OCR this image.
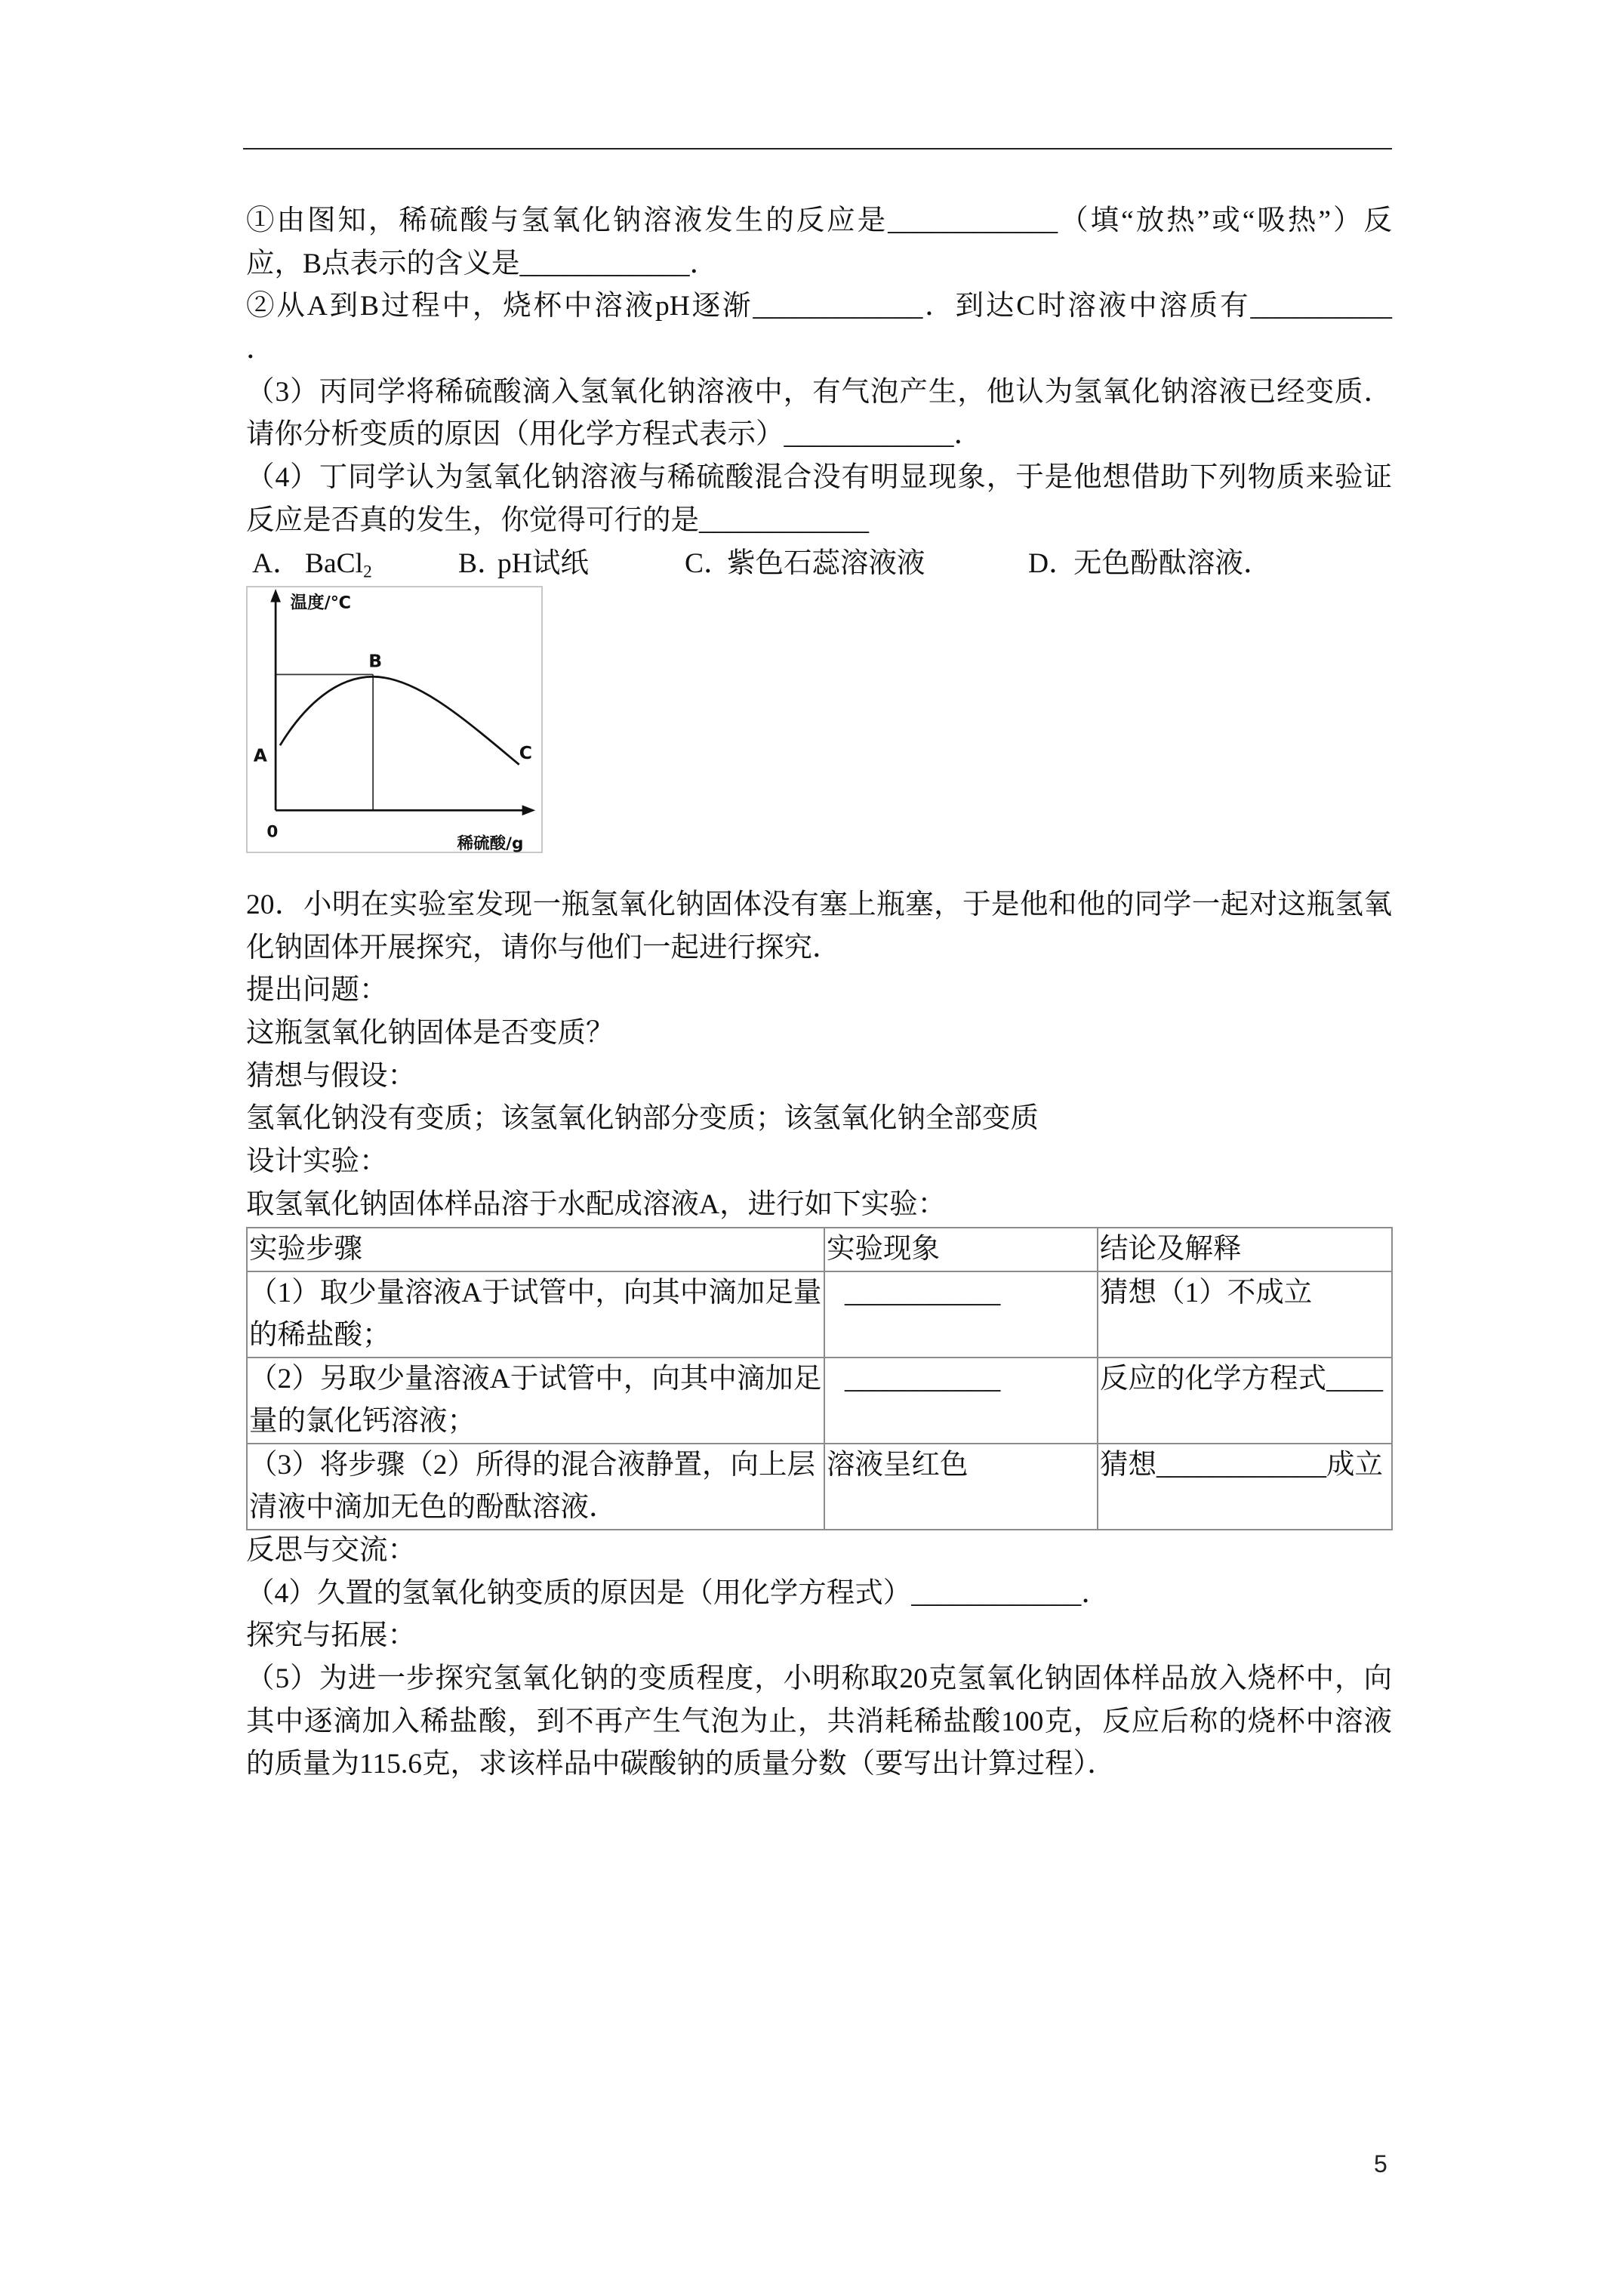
①由图知，稀硫酸与氢氧化钠溶液发生的反应是____________（填“放热”或“吸热”）反
应，B点表示的含义是____________．
②从A到B过程中，烧杯中溶液pH逐渐____________．到达C时溶液中溶质有__________
．
（3）丙同学将稀硫酸滴入氢氧化钠溶液中，有气泡产生，他认为氢氧化钠溶液已经变质．
请你分析变质的原因（用化学方程式表示）____________．
（4）丁同学认为氢氧化钠溶液与稀硫酸混合没有明显现象，于是他想借助下列物质来验证
反应是否真的发生，你觉得可行的是____________
A． BaCl$_2$	B．pH试纸	C．紫色石蕊溶液液	D．无色酚酞溶液．
温度/℃
稀硫酸/g
0
A
B
C
20．小明在实验室发现一瓶氢氧化钠固体没有塞上瓶塞，于是他和他的同学一起对这瓶氢氧
化钠固体开展探究，请你与他们一起进行探究．
提出问题：
这瓶氢氧化钠固体是否变质？
猜想与假设：
氢氧化钠没有变质；该氢氧化钠部分变质；该氢氧化钠全部变质
设计实验：
取氢氧化钠固体样品溶于水配成溶液A，进行如下实验：
实验步骤	实验现象	结论及解释

（1）取少量溶液A于试管中，向其中滴加足量
的稀盐酸；	___________	猜想（1）不成立

（2）另取少量溶液A于试管中，向其中滴加足
量的氯化钙溶液；	___________	反应的化学方程式____

（3）将步骤（2）所得的混合液静置，向上层
清液中滴加无色的酚酞溶液．	溶液呈红色	猜想____________成立
反思与交流：
（4）久置的氢氧化钠变质的原因是（用化学方程式）____________．
探究与拓展：
（5）为进一步探究氢氧化钠的变质程度，小明称取20克氢氧化钠固体样品放入烧杯中，向
其中逐滴加入稀盐酸，到不再产生气泡为止，共消耗稀盐酸100克，反应后称的烧杯中溶液
的质量为115.6克，求该样品中碳酸钠的质量分数（要写出计算过程）．
5
